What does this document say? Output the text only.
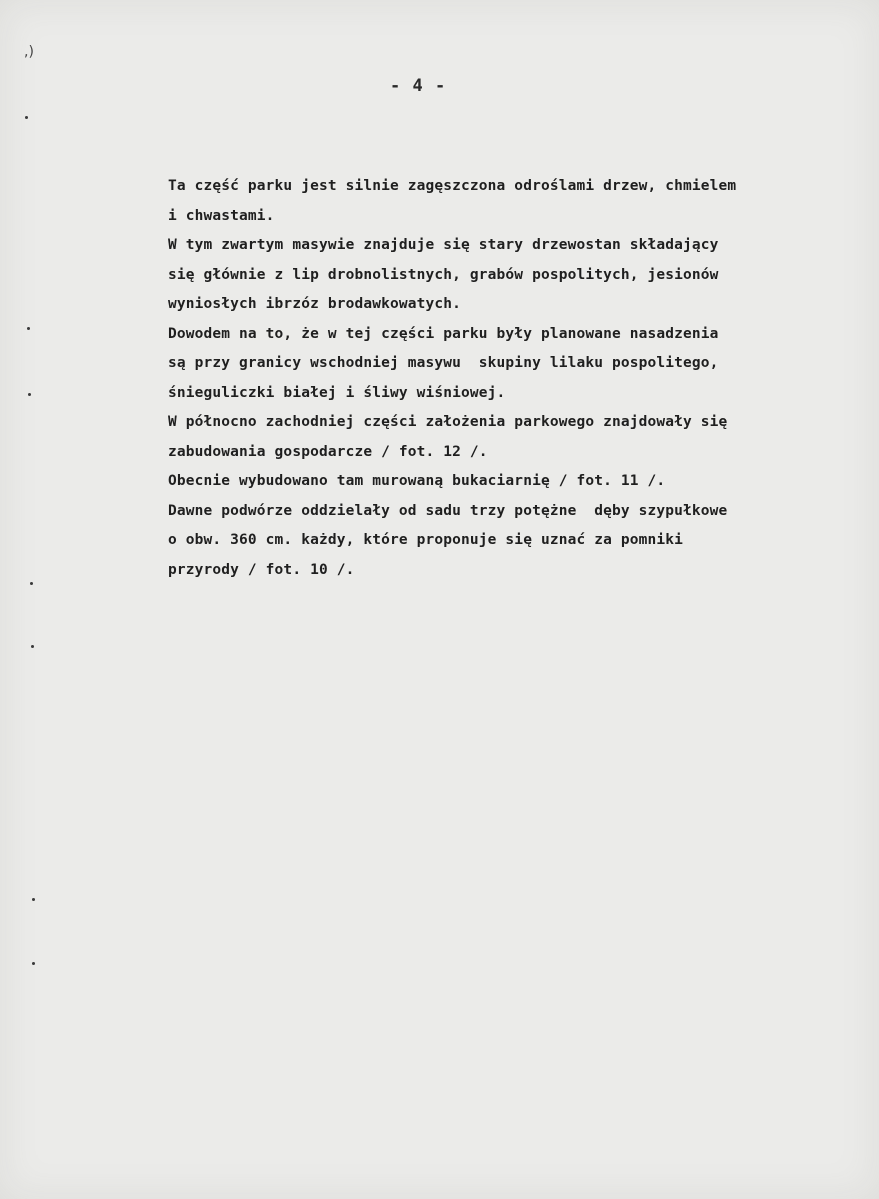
,)
- 4 -
Ta część parku jest silnie zagęszczona odroślami drzew, chmielem
i chwastami.
W tym zwartym masywie znajduje się stary drzewostan składający
się głównie z lip drobnolistnych, grabów pospolitych, jesionów
wyniosłych ibrzóz brodawkowatych.
Dowodem na to, że w tej części parku były planowane nasadzenia
są przy granicy wschodniej masywu  skupiny lilaku pospolitego,
śnieguliczki białej i śliwy wiśniowej.
W północno zachodniej części założenia parkowego znajdowały się
zabudowania gospodarcze / fot. 12 /.
Obecnie wybudowano tam murowaną bukaciarnię / fot. 11 /.
Dawne podwórze oddzielały od sadu trzy potężne  dęby szypułkowe
o obw. 360 cm. każdy, które proponuje się uznać za pomniki
przyrody / fot. 10 /.
